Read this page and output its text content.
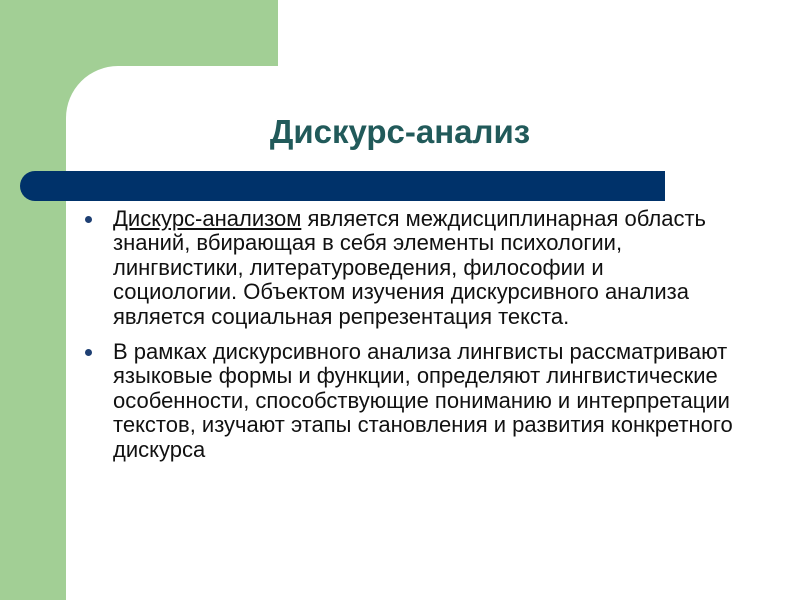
Дискурс-анализ
Дискурс-анализом является междисциплинарная область знаний, вбирающая в себя элементы психологии, лингвистики, литературоведения, философии и социологии. Объектом изучения дискурсивного анализа является социальная репрезентация текста.
В рамках дискурсивного анализа лингвисты рассматривают языковые формы и функции, определяют лингвистические особенности, способствующие пониманию и интерпретации текстов, изучают этапы становления и развития конкретного дискурса
